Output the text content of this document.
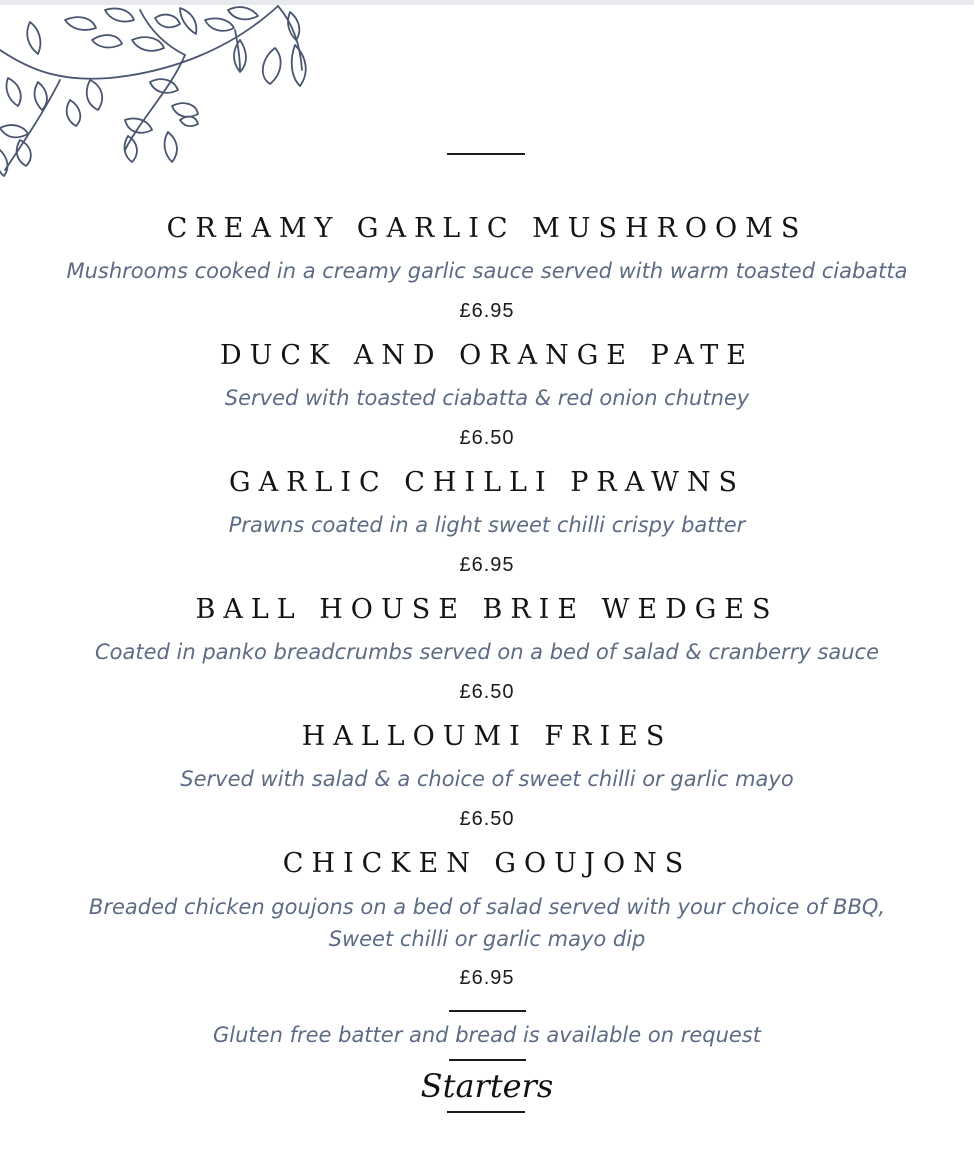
CREAMY GARLIC MUSHROOMS
Mushrooms cooked in a creamy garlic sauce served with warm toasted ciabatta
£6.95
DUCK AND ORANGE PATE
Served with toasted ciabatta & red onion chutney
£6.50
GARLIC CHILLI PRAWNS
Prawns coated in a light sweet chilli crispy batter
£6.95
BALL HOUSE BRIE WEDGES
Coated in panko breadcrumbs served on a bed of salad & cranberry sauce
£6.50
HALLOUMI FRIES
Served with salad & a choice of sweet chilli or garlic mayo
£6.50
CHICKEN GOUJONS
Breaded chicken goujons on a bed of salad served with your choice of BBQ,
Sweet chilli or garlic mayo dip
£6.95
Gluten free batter and bread is available on request
Starters
